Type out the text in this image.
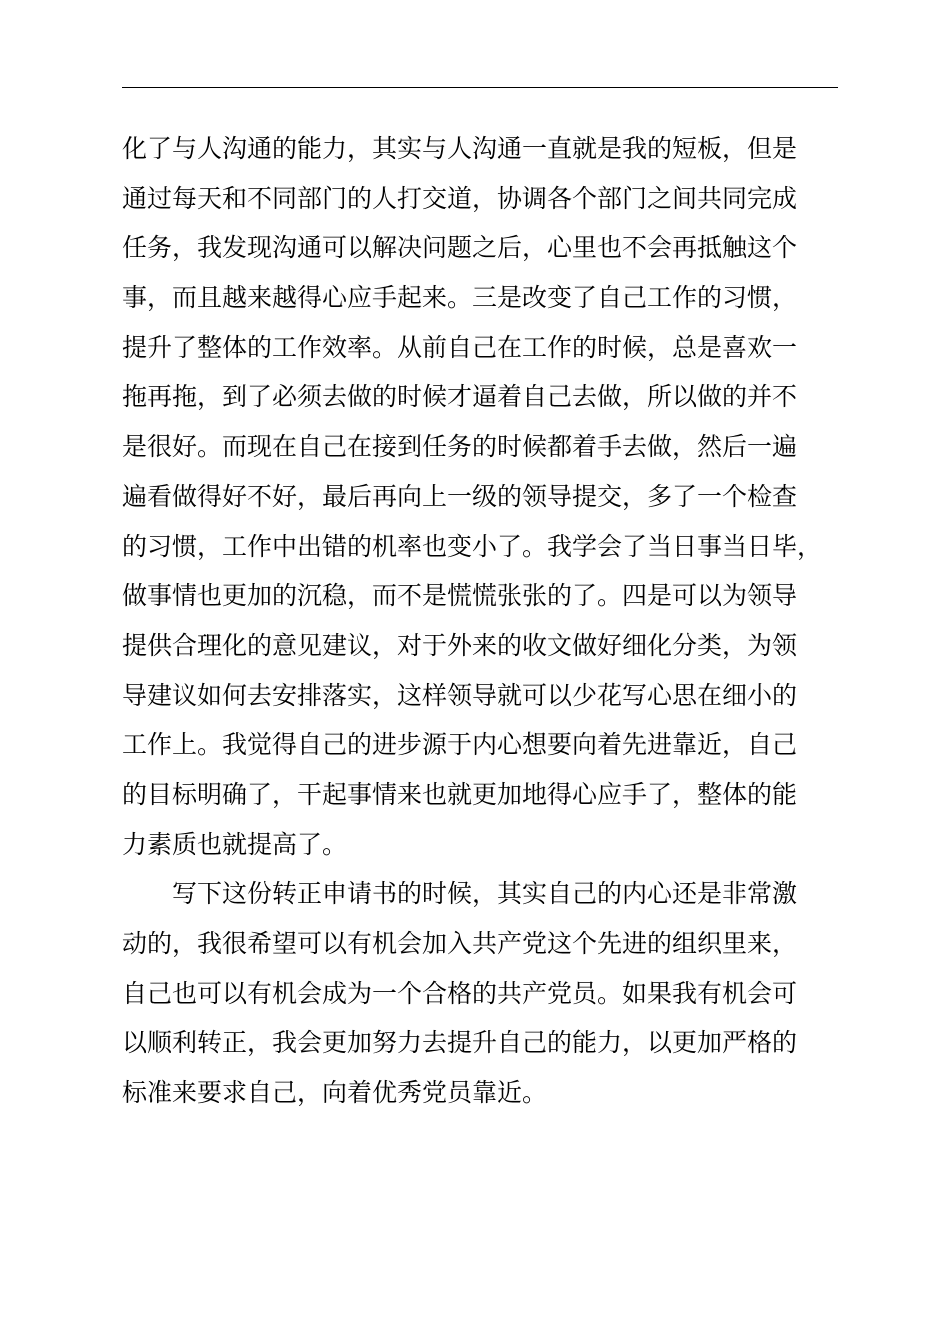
化了与人沟通的能力，其实与人沟通一直就是我的短板，但是
通过每天和不同部门的人打交道，协调各个部门之间共同完成
任务，我发现沟通可以解决问题之后，心里也不会再抵触这个
事，而且越来越得心应手起来。三是改变了自己工作的习惯，
提升了整体的工作效率。从前自己在工作的时候，总是喜欢一
拖再拖，到了必须去做的时候才逼着自己去做，所以做的并不
是很好。而现在自己在接到任务的时候都着手去做，然后一遍
遍看做得好不好，最后再向上一级的领导提交，多了一个检查
的习惯，工作中出错的机率也变小了。我学会了当日事当日毕，
做事情也更加的沉稳，而不是慌慌张张的了。四是可以为领导
提供合理化的意见建议，对于外来的收文做好细化分类，为领
导建议如何去安排落实，这样领导就可以少花写心思在细小的
工作上。我觉得自己的进步源于内心想要向着先进靠近，自己
的目标明确了，干起事情来也就更加地得心应手了，整体的能
力素质也就提高了。
写下这份转正申请书的时候，其实自己的内心还是非常激
动的，我很希望可以有机会加入共产党这个先进的组织里来，
自己也可以有机会成为一个合格的共产党员。如果我有机会可
以顺利转正，我会更加努力去提升自己的能力，以更加严格的
标准来要求自己，向着优秀党员靠近。
